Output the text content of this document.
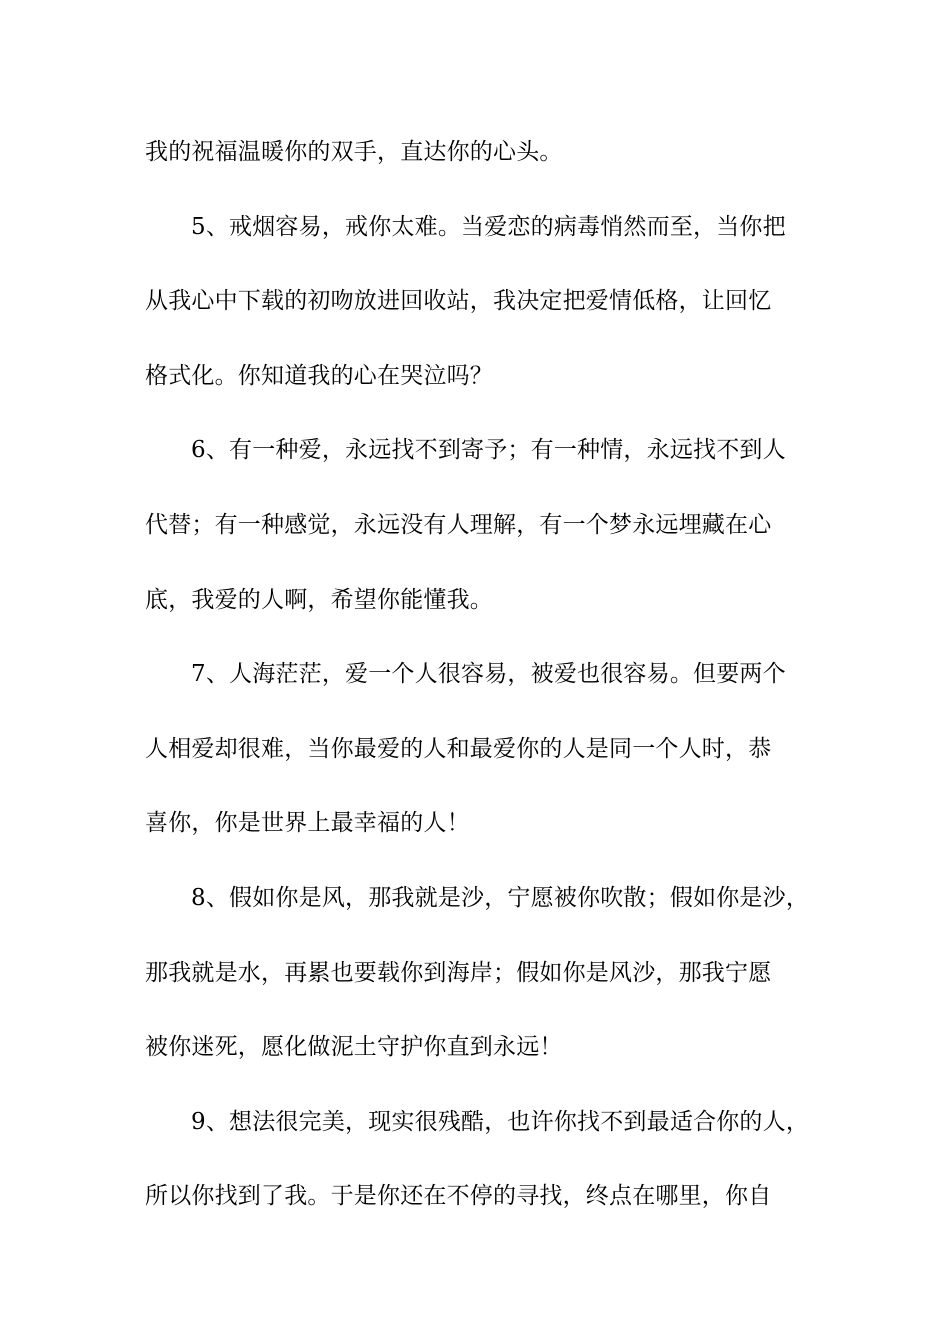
我的祝福温暖你的双手，直达你的心头。
5、戒烟容易，戒你太难。当爱恋的病毒悄然而至，当你把
从我心中下载的初吻放进回收站，我决定把爱情低格，让回忆
格式化。你知道我的心在哭泣吗？
6、有一种爱，永远找不到寄予；有一种情，永远找不到人
代替；有一种感觉，永远没有人理解，有一个梦永远埋藏在心
底，我爱的人啊，希望你能懂我。
7、人海茫茫，爱一个人很容易，被爱也很容易。但要两个
人相爱却很难，当你最爱的人和最爱你的人是同一个人时，恭
喜你，你是世界上最幸福的人！
8、假如你是风，那我就是沙，宁愿被你吹散；假如你是沙，
那我就是水，再累也要载你到海岸；假如你是风沙，那我宁愿
被你迷死，愿化做泥土守护你直到永远！
9、想法很完美，现实很残酷，也许你找不到最适合你的人，
所以你找到了我。于是你还在不停的寻找，终点在哪里，你自
